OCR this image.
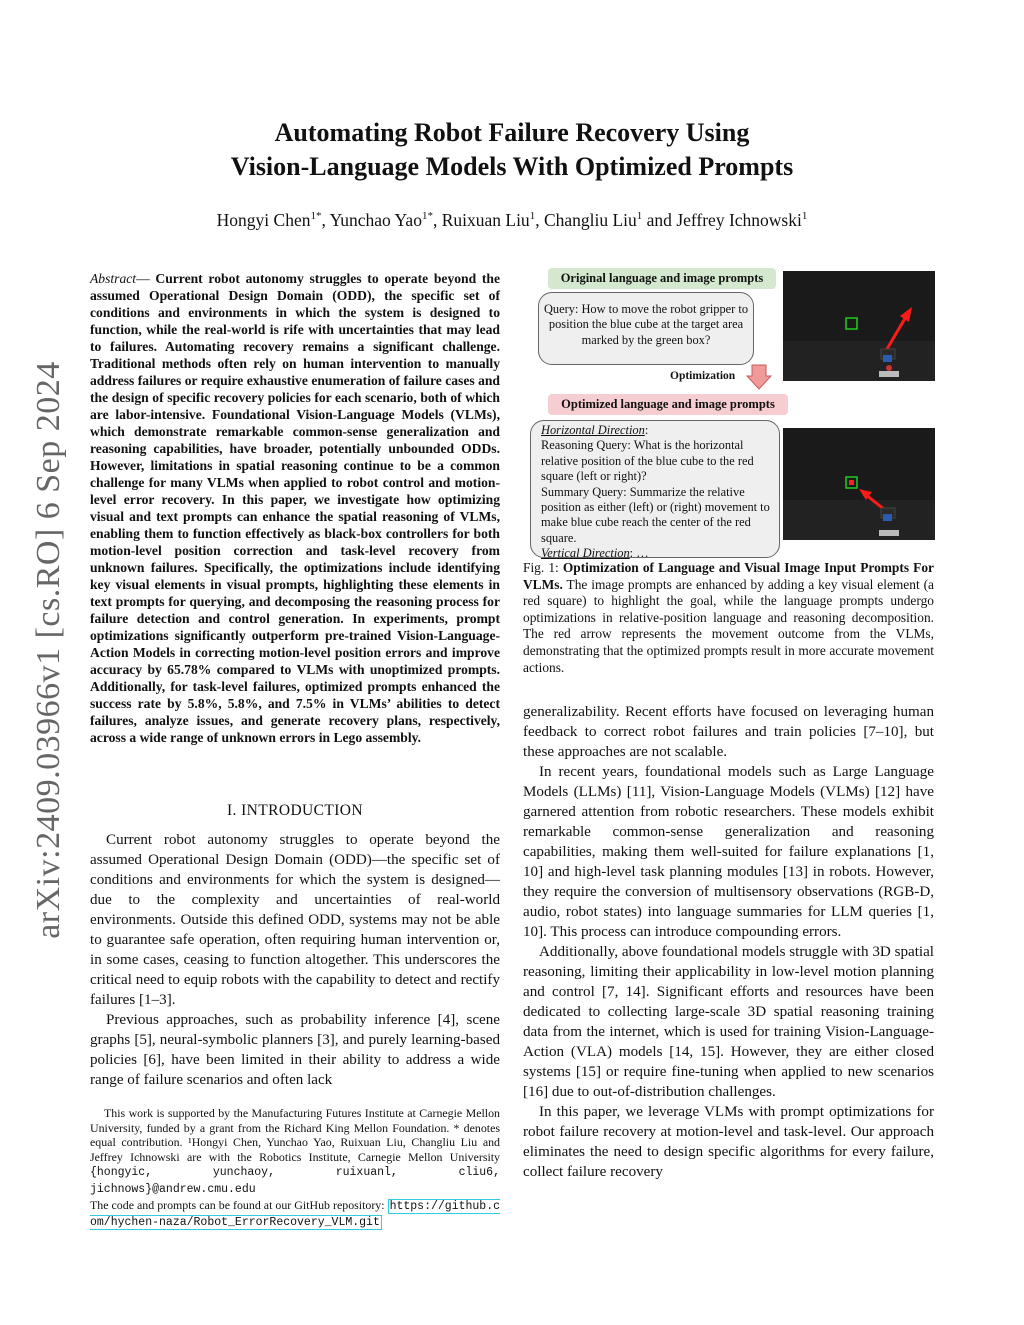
arXiv:2409.03966v1 [cs.RO] 6 Sep 2024
Automating Robot Failure Recovery Using
Vision-Language Models With Optimized Prompts
Hongyi Chen$^{1*}$, Yunchao Yao$^{1*}$, Ruixuan Liu$^1$, Changliu Liu$^1$ and Jeffrey Ichnowski$^1$
Abstract— Current robot autonomy struggles to operate beyond the assumed Operational Design Domain (ODD), the specific set of conditions and environments in which the system is designed to function, while the real-world is rife with uncertainties that may lead to failures. Automating recovery remains a significant challenge. Traditional methods often rely on human intervention to manually address failures or require exhaustive enumeration of failure cases and the design of specific recovery policies for each scenario, both of which are labor-intensive. Foundational Vision-Language Models (VLMs), which demonstrate remarkable common-sense generalization and reasoning capabilities, have broader, potentially unbounded ODDs. However, limitations in spatial reasoning continue to be a common challenge for many VLMs when applied to robot control and motion-level error recovery. In this paper, we investigate how optimizing visual and text prompts can enhance the spatial reasoning of VLMs, enabling them to function effectively as black-box controllers for both motion-level position correction and task-level recovery from unknown failures. Specifically, the optimizations include identifying key visual elements in visual prompts, highlighting these elements in text prompts for querying, and decomposing the reasoning process for failure detection and control generation. In experiments, prompt optimizations significantly outperform pre-trained Vision-Language-Action Models in correcting motion-level position errors and improve accuracy by 65.78% compared to VLMs with unoptimized prompts. Additionally, for task-level failures, optimized prompts enhanced the success rate by 5.8%, 5.8%, and 7.5% in VLMs’ abilities to detect failures, analyze issues, and generate recovery plans, respectively, across a wide range of unknown errors in Lego assembly.
I. INTRODUCTION

Current robot autonomy struggles to operate beyond the assumed Operational Design Domain (ODD)—the specific set of conditions and environments for which the system is designed—due to the complexity and uncertainties of real-world environments. Outside this defined ODD, systems may not be able to guarantee safe operation, often requiring human intervention or, in some cases, ceasing to function altogether. This underscores the critical need to equip robots with the capability to detect and rectify failures [1–3].

Previous approaches, such as probability inference [4], scene graphs [5], neural-symbolic planners [3], and purely learning-based policies [6], have been limited in their ability to address a wide range of failure scenarios and often lack

This work is supported by the Manufacturing Futures Institute at Carnegie Mellon University, funded by a grant from the Richard King Mellon Foundation. * denotes equal contribution. ¹Hongyi Chen, Yunchao Yao, Ruixuan Liu, Changliu Liu and Jeffrey Ichnowski are with the Robotics Institute, Carnegie Mellon University {hongyic, yunchaoy, ruixuanl, cliu6, jichnows}@andrew.cmu.edu

The code and prompts can be found at our GitHub repository: https://github.com/hychen-naza/Robot_ErrorRecovery_VLM.git
Original language and image prompts
Query: How to move the robot gripper to position the blue cube at the target area marked by the green box?
Optimization
Optimized language and image prompts
Horizontal Direction:
Reasoning Query: What is the horizontal relative position of the blue cube to the red square (left or right)?
Summary Query: Summarize the relative position as either (left) or (right) movement to make blue cube reach the center of the red square.
Vertical Direction: …
Fig. 1: Optimization of Language and Visual Image Input Prompts For VLMs. The image prompts are enhanced by adding a key visual element (a red square) to highlight the goal, while the language prompts undergo optimizations in relative-position language and reasoning decomposition. The red arrow represents the movement outcome from the VLMs, demonstrating that the optimized prompts result in more accurate movement actions.

generalizability. Recent efforts have focused on leveraging human feedback to correct robot failures and train policies [7–10], but these approaches are not scalable.

In recent years, foundational models such as Large Language Models (LLMs) [11], Vision-Language Models (VLMs) [12] have garnered attention from robotic researchers. These models exhibit remarkable common-sense generalization and reasoning capabilities, making them well-suited for failure explanations [1, 10] and high-level task planning modules [13] in robots. However, they require the conversion of multisensory observations (RGB-D, audio, robot states) into language summaries for LLM queries [1, 10]. This process can introduce compounding errors.

Additionally, above foundational models struggle with 3D spatial reasoning, limiting their applicability in low-level motion planning and control [7, 14]. Significant efforts and resources have been dedicated to collecting large-scale 3D spatial reasoning training data from the internet, which is used for training Vision-Language-Action (VLA) models [14, 15]. However, they are either closed systems [15] or require fine-tuning when applied to new scenarios [16] due to out-of-distribution challenges.

In this paper, we leverage VLMs with prompt optimizations for robot failure recovery at motion-level and task-level. Our approach eliminates the need to design specific algorithms for every failure, collect failure recovery
